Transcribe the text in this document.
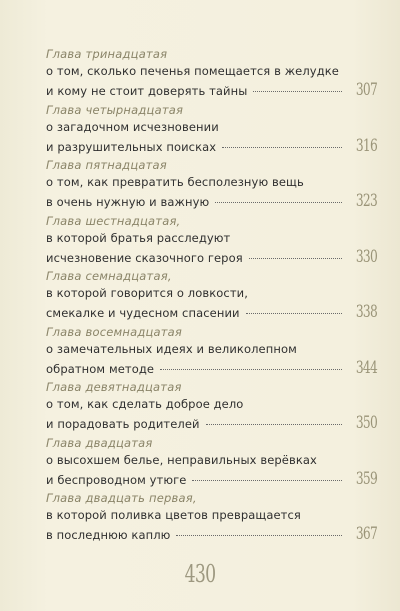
Глава тринадцатая
о том, сколько печенья помещается в желудке
и кому не стоит доверять тайны	307
Глава четырнадцатая
о загадочном исчезновении
и разрушительных поисках	316
Глава пятнадцатая
о том, как превратить бесполезную вещь
в очень нужную и важную	323
Глава шестнадцатая,
в которой братья расследуют
исчезновение сказочного героя	330
Глава семнадцатая,
в которой говорится о ловкости,
смекалке и чудесном спасении	338
Глава восемнадцатая
о замечательных идеях и великолепном
обратном методе	344
Глава девятнадцатая
о том, как сделать доброе дело
и порадовать родителей	350
Глава двадцатая
о высохшем белье, неправильных верёвках
и беспроводном утюге	359
Глава двадцать первая,
в которой поливка цветов превращается
в последнюю каплю	367
430
